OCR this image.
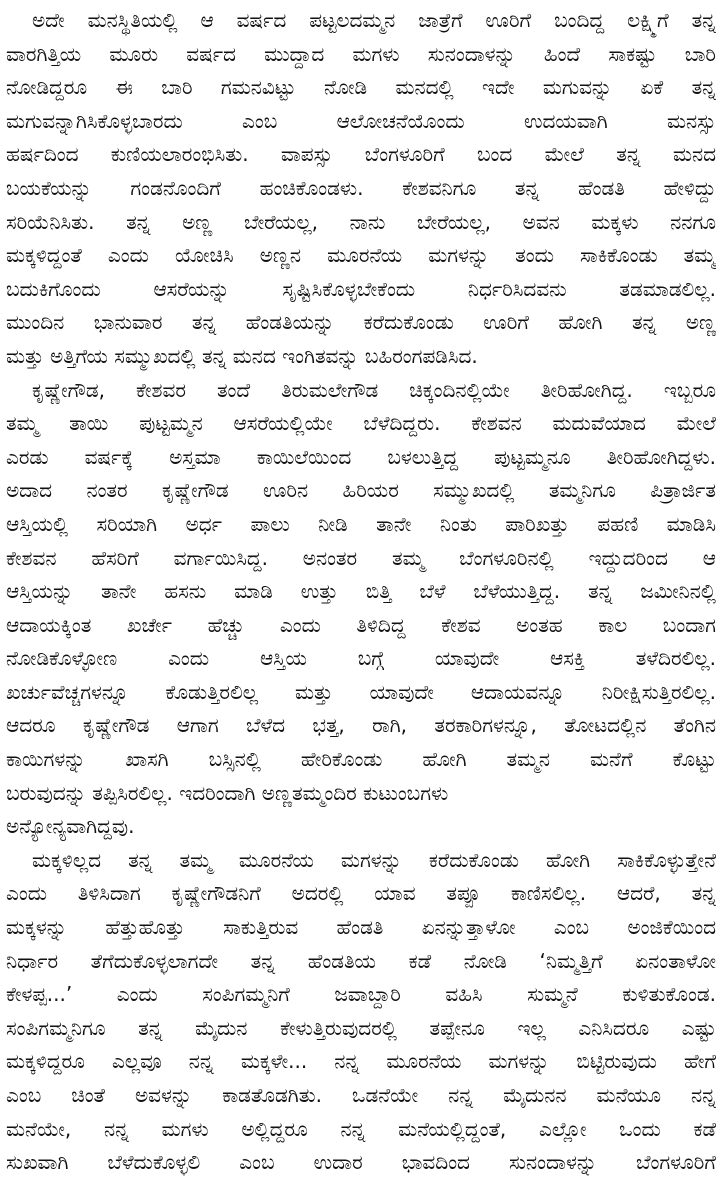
ಅದೇ ಮನಸ್ಥಿತಿಯಲ್ಲಿ ಆ ವರ್ಷದ ಪಟ್ಟಲದಮ್ಮನ ಜಾತ್ರೆಗೆ ಊರಿಗೆ ಬಂದಿದ್ದ ಲಕ್ಷ್ಮಿಗೆ ತನ್ನ
ವಾರಗಿತ್ತಿಯ ಮೂರು ವರ್ಷದ ಮುದ್ದಾದ ಮಗಳು ಸುನಂದಾಳನ್ನು ಹಿಂದೆ ಸಾಕಷ್ಟು ಬಾರಿ
ನೋಡಿದ್ದರೂ ಈ ಬಾರಿ ಗಮನವಿಟ್ಟು ನೋಡಿ ಮನದಲ್ಲಿ ಇದೇ ಮಗುವನ್ನು ಏಕೆ ತನ್ನ
ಮಗುವನ್ನಾಗಿಸಿಕೊಳ್ಳಬಾರದು ಎಂಬ ಆಲೋಚನೆಯೊಂದು ಉದಯವಾಗಿ ಮನಸ್ಸು
ಹರ್ಷದಿಂದ ಕುಣಿಯಲಾರಂಭಿಸಿತು. ವಾಪಸ್ಸು ಬೆಂಗಳೂರಿಗೆ ಬಂದ ಮೇಲೆ ತನ್ನ ಮನದ
ಬಯಕೆಯನ್ನು ಗಂಡನೊಂದಿಗೆ ಹಂಚಿಕೊಂಡಳು. ಕೇಶವನಿಗೂ ತನ್ನ ಹೆಂಡತಿ ಹೇಳಿದ್ದು
ಸರಿಯೆನಿಸಿತು. ತನ್ನ ಅಣ್ಣ ಬೇರೆಯಲ್ಲ, ನಾನು ಬೇರೆಯಲ್ಲ, ಅವನ ಮಕ್ಕಳು ನನಗೂ
ಮಕ್ಕಳಿದ್ದಂತೆ ಎಂದು ಯೋಚಿಸಿ ಅಣ್ಣನ ಮೂರನೆಯ ಮಗಳನ್ನು ತಂದು ಸಾಕಿಕೊಂಡು ತಮ್ಮ
ಬದುಕಿಗೊಂದು ಆಸರೆಯನ್ನು ಸೃಷ್ಟಿಸಿಕೊಳ್ಳಬೇಕೆಂದು ನಿರ್ಧರಿಸಿದವನು ತಡಮಾಡಲಿಲ್ಲ.
ಮುಂದಿನ ಭಾನುವಾರ ತನ್ನ ಹೆಂಡತಿಯನ್ನು ಕರೆದುಕೊಂಡು ಊರಿಗೆ ಹೋಗಿ ತನ್ನ ಅಣ್ಣ
ಮತ್ತು ಅತ್ತಿಗೆಯ ಸಮ್ಮುಖದಲ್ಲಿ ತನ್ನ ಮನದ ಇಂಗಿತವನ್ನು ಬಹಿರಂಗಪಡಿಸಿದ.
ಕೃಷ್ಣೇಗೌಡ, ಕೇಶವರ ತಂದೆ ತಿರುಮಲೇಗೌಡ ಚಿಕ್ಕಂದಿನಲ್ಲಿಯೇ ತೀರಿಹೋಗಿದ್ದ. ಇಬ್ಬರೂ
ತಮ್ಮ ತಾಯಿ ಪುಟ್ಟಮ್ಮನ ಆಸರೆಯಲ್ಲಿಯೇ ಬೆಳೆದಿದ್ದರು. ಕೇಶವನ ಮದುವೆಯಾದ ಮೇಲೆ
ಎರಡು ವರ್ಷಕ್ಕೆ ಅಸ್ತಮಾ ಕಾಯಿಲೆಯಿಂದ ಬಳಲುತ್ತಿದ್ದ ಪುಟ್ಟಮ್ಮನೂ ತೀರಿಹೋಗಿದ್ದಳು.
ಅದಾದ ನಂತರ ಕೃಷ್ಣೇಗೌಡ ಊರಿನ ಹಿರಿಯರ ಸಮ್ಮುಖದಲ್ಲಿ ತಮ್ಮನಿಗೂ ಪಿತ್ರಾರ್ಜಿತ
ಆಸ್ತಿಯಲ್ಲಿ ಸರಿಯಾಗಿ ಅರ್ಧ ಪಾಲು ನೀಡಿ ತಾನೇ ನಿಂತು ಪಾರಿಖತ್ತು ಪಹಣಿ ಮಾಡಿಸಿ
ಕೇಶವನ ಹೆಸರಿಗೆ ವರ್ಗಾಯಿಸಿದ್ದ. ಅನಂತರ ತಮ್ಮ ಬೆಂಗಳೂರಿನಲ್ಲಿ ಇದ್ದುದರಿಂದ ಆ
ಆಸ್ತಿಯನ್ನು ತಾನೇ ಹಸನು ಮಾಡಿ ಉತ್ತು ಬಿತ್ತಿ ಬೆಳೆ ಬೆಳೆಯುತ್ತಿದ್ದ. ತನ್ನ ಜಮೀನಿನಲ್ಲಿ
ಆದಾಯಕ್ಕಿಂತ ಖರ್ಚೇ ಹೆಚ್ಚು ಎಂದು ತಿಳಿದಿದ್ದ ಕೇಶವ ಅಂತಹ ಕಾಲ ಬಂದಾಗ
ನೋಡಿಕೊಳ್ಳೋಣ ಎಂದು ಆಸ್ತಿಯ ಬಗ್ಗೆ ಯಾವುದೇ ಆಸಕ್ತಿ ತಳೆದಿರಲಿಲ್ಲ.
ಖರ್ಚುವೆಚ್ಚಗಳನ್ನೂ ಕೊಡುತ್ತಿರಲಿಲ್ಲ ಮತ್ತು ಯಾವುದೇ ಆದಾಯವನ್ನೂ ನಿರೀಕ್ಷಿಸುತ್ತಿರಲಿಲ್ಲ.
ಆದರೂ ಕೃಷ್ಣೇಗೌಡ ಆಗಾಗ ಬೆಳೆದ ಭತ್ತ, ರಾಗಿ, ತರಕಾರಿಗಳನ್ನೂ, ತೋಟದಲ್ಲಿನ ತೆಂಗಿನ
ಕಾಯಿಗಳನ್ನು ಖಾಸಗಿ ಬಸ್ಸಿನಲ್ಲಿ ಹೇರಿಕೊಂಡು ಹೋಗಿ ತಮ್ಮನ ಮನೆಗೆ ಕೊಟ್ಟು
ಬರುವುದನ್ನು ತಪ್ಪಿಸಿರಲಿಲ್ಲ. ಇದರಿಂದಾಗಿ ಅಣ್ಣತಮ್ಮಂದಿರ ಕುಟುಂಬಗಳು
ಅನ್ಯೋನ್ಯವಾಗಿದ್ದವು.
ಮಕ್ಕಳಿಲ್ಲದ ತನ್ನ ತಮ್ಮ ಮೂರನೆಯ ಮಗಳನ್ನು ಕರೆದುಕೊಂಡು ಹೋಗಿ ಸಾಕಿಕೊಳ್ಳುತ್ತೇನೆ
ಎಂದು ತಿಳಿಸಿದಾಗ ಕೃಷ್ಣೇಗೌಡನಿಗೆ ಅದರಲ್ಲಿ ಯಾವ ತಪ್ಪೂ ಕಾಣಿಸಲಿಲ್ಲ. ಆದರೆ, ತನ್ನ
ಮಕ್ಕಳನ್ನು ಹೆತ್ತುಹೊತ್ತು ಸಾಕುತ್ತಿರುವ ಹೆಂಡತಿ ಏನನ್ನುತ್ತಾಳೋ ಎಂಬ ಅಂಜಿಕೆಯಿಂದ
ನಿರ್ಧಾರ ತೆಗೆದುಕೊಳ್ಳಲಾಗದೇ ತನ್ನ ಹೆಂಡತಿಯ ಕಡೆ ನೋಡಿ ‘ನಿಮ್ಮತ್ತಿಗೆ ಏನಂತಾಳೋ
ಕೇಳಪ್ಪ...’ ಎಂದು ಸಂಪಿಗಮ್ಮನಿಗೆ ಜವಾಬ್ದಾರಿ ವಹಿಸಿ ಸುಮ್ಮನೆ ಕುಳಿತುಕೊಂಡ.
ಸಂಪಿಗಮ್ಮನಿಗೂ ತನ್ನ ಮೈದುನ ಕೇಳುತ್ತಿರುವುದರಲ್ಲಿ ತಪ್ಪೇನೂ ಇಲ್ಲ ಎನಿಸಿದರೂ ಎಷ್ಟು
ಮಕ್ಕಳಿದ್ದರೂ ಎಲ್ಲವೂ ನನ್ನ ಮಕ್ಕಳೇ... ನನ್ನ ಮೂರನೆಯ ಮಗಳನ್ನು ಬಿಟ್ಟಿರುವುದು ಹೇಗೆ
ಎಂಬ ಚಿಂತೆ ಅವಳನ್ನು ಕಾಡತೊಡಗಿತು. ಒಡನೆಯೇ ನನ್ನ ಮೈದುನನ ಮನೆಯೂ ನನ್ನ
ಮನೆಯೇ, ನನ್ನ ಮಗಳು ಅಲ್ಲಿದ್ದರೂ ನನ್ನ ಮನೆಯಲ್ಲಿದ್ದಂತೆ, ಎಲ್ಲೋ ಒಂದು ಕಡೆ
ಸುಖವಾಗಿ ಬೆಳೆದುಕೊಳ್ಳಲಿ ಎಂಬ ಉದಾರ ಭಾವದಿಂದ ಸುನಂದಾಳನ್ನು ಬೆಂಗಳೂರಿಗೆ
